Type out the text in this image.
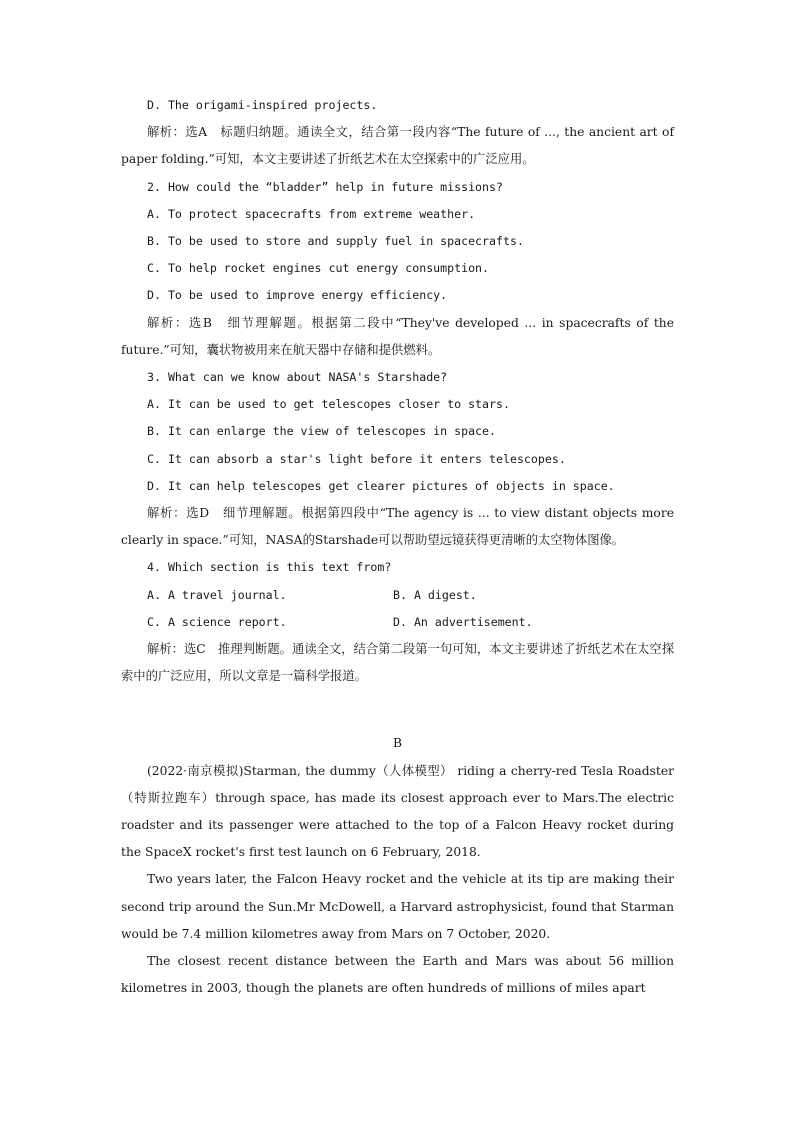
D. The origami-inspired projects.

解析：选A　标题归纳题。通读全文，结合第一段内容“The future of ..., the ancient art of paper folding.”可知，本文主要讲述了折纸艺术在太空探索中的广泛应用。

2. How could the “bladder” help in future missions?

A. To protect spacecrafts from extreme weather.

B. To be used to store and supply fuel in spacecrafts.

C. To help rocket engines cut energy consumption.

D. To be used to improve energy efficiency.

解析：选B　细节理解题。根据第二段中“They've developed ... in spacecrafts of the future.”可知，囊状物被用来在航天器中存储和提供燃料。

3. What can we know about NASA's Starshade?

A. It can be used to get telescopes closer to stars.

B. It can enlarge the view of telescopes in space.

C. It can absorb a star's light before it enters telescopes.

D. It can help telescopes get clearer pictures of objects in space.

解析：选D　细节理解题。根据第四段中“The agency is ... to view distant objects more clearly in space.”可知，NASA的Starshade可以帮助望远镜获得更清晰的太空物体图像。

4. Which section is this text from?

A. A travel journal.	B. A digest.
C. A science report.	D. An advertisement.

解析：选C　推理判断题。通读全文，结合第二段第一句可知，本文主要讲述了折纸艺术在太空探索中的广泛应用，所以文章是一篇科学报道。

B

(2022·南京模拟)Starman, the dummy（人体模型） riding a cherry-red Tesla Roadster（特斯拉跑车）through space, has made its closest approach ever to Mars.The electric roadster and its passenger were attached to the top of a Falcon Heavy rocket during the SpaceX rocket's first test launch on 6 February, 2018.

Two years later, the Falcon Heavy rocket and the vehicle at its tip are making their second trip around the Sun.Mr McDowell, a Harvard astrophysicist, found that Starman would be 7.4 million kilometres away from Mars on 7 October, 2020.

The closest recent distance between the Earth and Mars was about 56 million kilometres in 2003, though the planets are often hundreds of millions of miles apart
